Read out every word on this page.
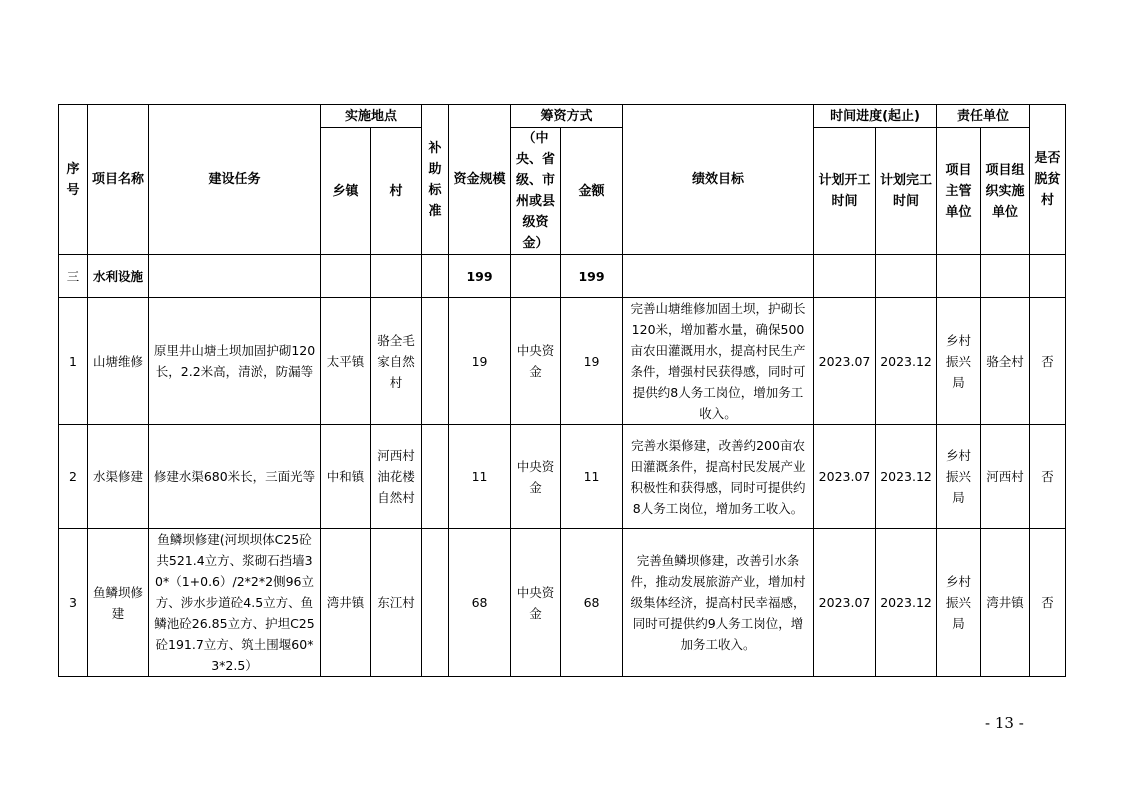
序号	项目名称	建设任务	实施地点		补助标准	资金规模	筹资方式		绩效目标	时间进度(起止)		责任单位		是否脱贫村
			乡镇	村			（中央、省级、市州或县级资金）	金额		计划开工时间	计划完工时间	项目主管单位	项目组织实施单位	
三	水利设施					199		199						
1	山塘维修	原里井山塘土坝加固护砌120长，2.2米高，清淤，防漏等	太平镇	骆全毛家自然村		19	中央资金	19	完善山塘维修加固土坝，护砌长120米，增加蓄水量，确保500亩农田灌溉用水，提高村民生产条件，增强村民获得感，同时可提供约8人务工岗位，增加务工收入。	2023.07	2023.12	乡村振兴局	骆全村	否
2	水渠修建	修建水渠680米长，三面光等	中和镇	河西村油花楼自然村		11	中央资金	11	完善水渠修建，改善约200亩农田灌溉条件，提高村民发展产业积极性和获得感，同时可提供约8人务工岗位，增加务工收入。	2023.07	2023.12	乡村振兴局	河西村	否
3	鱼鳞坝修建	鱼鳞坝修建(河坝坝体C25砼共521.4立方、浆砌石挡墙30*（1+0.6）/2*2*2侧96立方、涉水步道砼4.5立方、鱼鳞池砼26.85立方、护坦C25砼191.7立方、筑土围堰60*3*2.5）	湾井镇	东江村		68	中央资金	68	完善鱼鳞坝修建，改善引水条件，推动发展旅游产业，增加村级集体经济，提高村民幸福感，同时可提供约9人务工岗位，增加务工收入。	2023.07	2023.12	乡村振兴局	湾井镇	否
- 13 -
